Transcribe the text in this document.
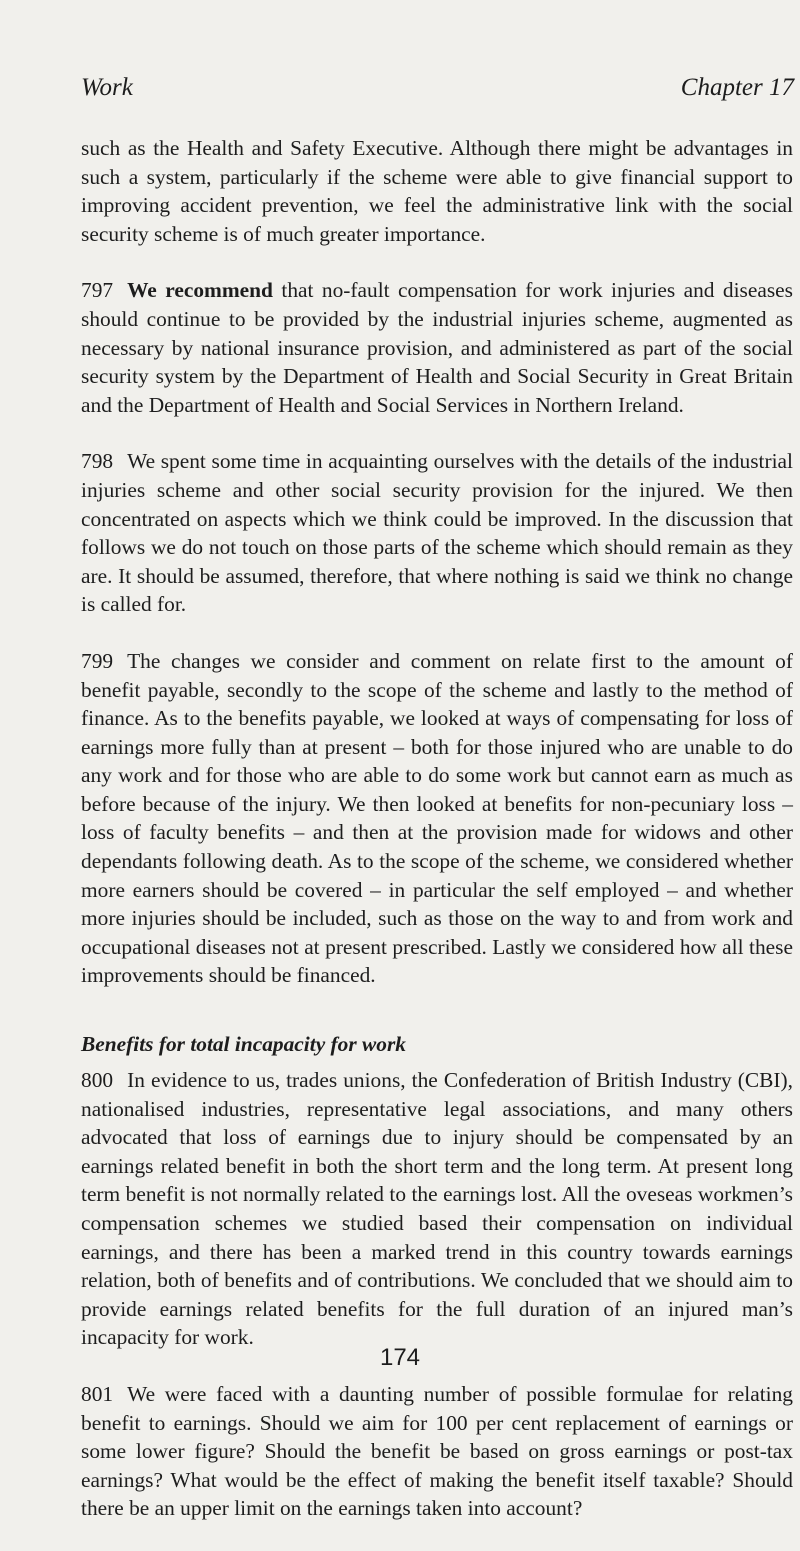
Work	Chapter 17

such as the Health and Safety Executive. Although there might be advantages in such a system, particularly if the scheme were able to give financial support to improving accident prevention, we feel the administrative link with the social security scheme is of much greater importance.

797 We recommend that no-fault compensation for work injuries and diseases should continue to be provided by the industrial injuries scheme, augmented as necessary by national insurance provision, and administered as part of the social security system by the Department of Health and Social Security in Great Britain and the Department of Health and Social Services in Northern Ireland.

798 We spent some time in acquainting ourselves with the details of the industrial injuries scheme and other social security provision for the injured. We then concentrated on aspects which we think could be improved. In the discussion that follows we do not touch on those parts of the scheme which should remain as they are. It should be assumed, therefore, that where nothing is said we think no change is called for.

799 The changes we consider and comment on relate first to the amount of benefit payable, secondly to the scope of the scheme and lastly to the method of finance. As to the benefits payable, we looked at ways of compensating for loss of earnings more fully than at present – both for those injured who are unable to do any work and for those who are able to do some work but cannot earn as much as before because of the injury. We then looked at benefits for non-pecuniary loss – loss of faculty benefits – and then at the provision made for widows and other dependants following death. As to the scope of the scheme, we considered whether more earners should be covered – in particular the self employed – and whether more injuries should be included, such as those on the way to and from work and occupational diseases not at present prescribed. Lastly we considered how all these improvements should be financed.

Benefits for total incapacity for work

800 In evidence to us, trades unions, the Confederation of British Industry (CBI), nationalised industries, representative legal associations, and many others advocated that loss of earnings due to injury should be compensated by an earnings related benefit in both the short term and the long term. At present long term benefit is not normally related to the earnings lost. All the oveseas workmen’s compensation schemes we studied based their compensation on individual earnings, and there has been a marked trend in this country towards earnings relation, both of benefits and of contributions. We concluded that we should aim to provide earnings related benefits for the full duration of an injured man’s incapacity for work.

801 We were faced with a daunting number of possible formulae for relating benefit to earnings. Should we aim for 100 per cent replacement of earnings or some lower figure? Should the benefit be based on gross earnings or post-tax earnings? What would be the effect of making the benefit itself taxable? Should there be an upper limit on the earnings taken into account?

174
